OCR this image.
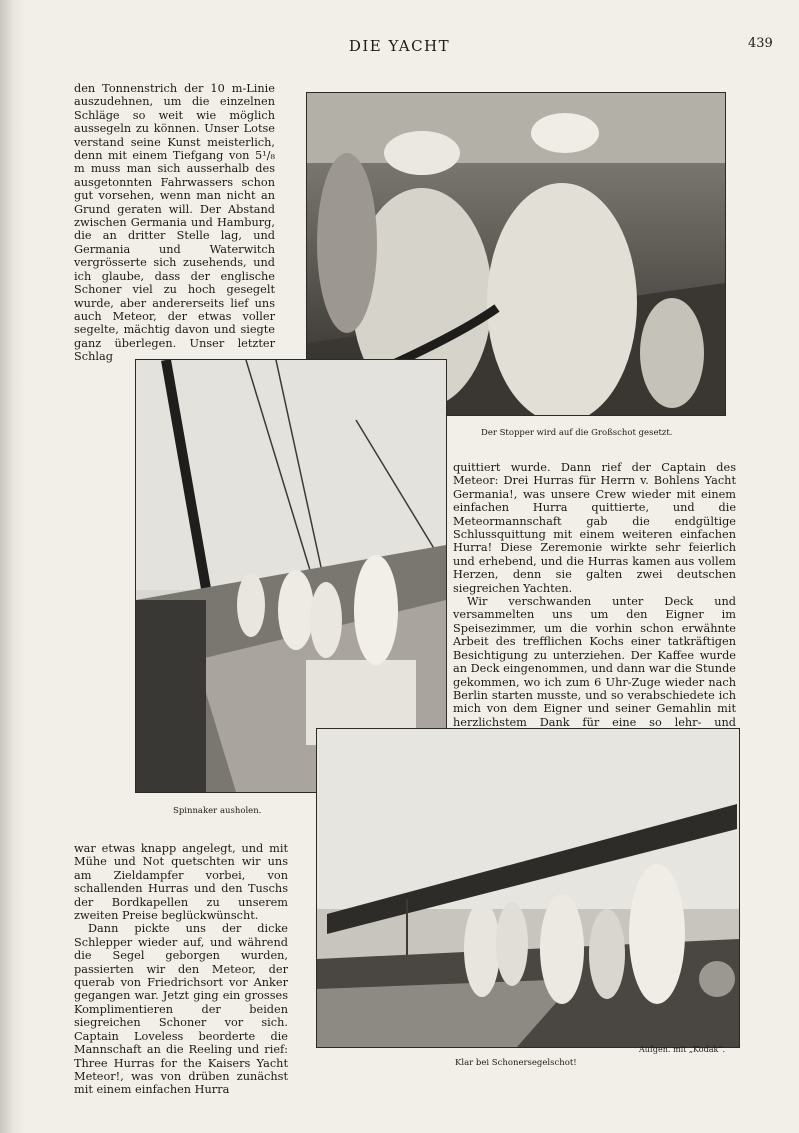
DIE YACHT	439

den Tonnenstrich der 10 m-Linie auszudehnen, um die einzelnen Schläge so weit wie möglich aussegeln zu können. Unser Lotse verstand seine Kunst meisterlich, denn mit einem Tiefgang von 5¹/₈ m muss man sich ausserhalb des ausgetonnten Fahrwassers schon gut vorsehen, wenn man nicht an Grund geraten will. Der Abstand zwischen Germania und Hamburg, die an dritter Stelle lag, und Germania und Waterwitch vergrösserte sich zusehends, und ich glaube, dass der englische Schoner viel zu hoch gesegelt wurde, aber andererseits lief uns auch Meteor, der etwas voller segelte, mächtig davon und siegte ganz überlegen. Unser letzter Schlag

Der Stopper wird auf die Großschot gesetzt.
Spinnaker ausholen.

quittiert wurde. Dann rief der Captain des Meteor: Drei Hurras für Herrn v. Bohlens Yacht Germania!, was unsere Crew wieder mit einem einfachen Hurra quittierte, und die Meteormannschaft gab die endgültige Schlussquittung mit einem weiteren einfachen Hurra! Diese Zeremonie wirkte sehr feierlich und erhebend, und die Hurras kamen aus vollem Herzen, denn sie galten zwei deutschen siegreichen Yachten.

Wir verschwanden unter Deck und versammelten uns um den Eigner im Speisezimmer, um die vorhin schon erwähnte Arbeit des trefflichen Kochs einer tatkräftigen Besichtigung zu unterziehen. Der Kaffee wurde an Deck eingenommen, und dann war die Stunde gekommen, wo ich zum 6 Uhr-Zuge wieder nach Berlin starten musste, und so verabschiedete ich mich von dem Eigner und seiner Gemahlin mit herzlichstem Dank für eine so lehr- und

Klar bei Schonersegelschot!
Aufgen. mit „Kodak“.

war etwas knapp angelegt, und mit Mühe und Not quetschten wir uns am Zieldampfer vorbei, von schallenden Hurras und den Tuschs der Bordkapellen zu unserem zweiten Preise beglückwünscht.

Dann pickte uns der dicke Schlepper wieder auf, und während die Segel geborgen wurden, passierten wir den Meteor, der querab von Friedrichsort vor Anker gegangen war. Jetzt ging ein grosses Komplimentieren der beiden siegreichen Schoner vor sich. Captain Loveless beorderte die Mannschaft an die Reeling und rief: Three Hurras for the Kaisers Yacht Meteor!, was von drüben zunächst mit einem einfachen Hurra
